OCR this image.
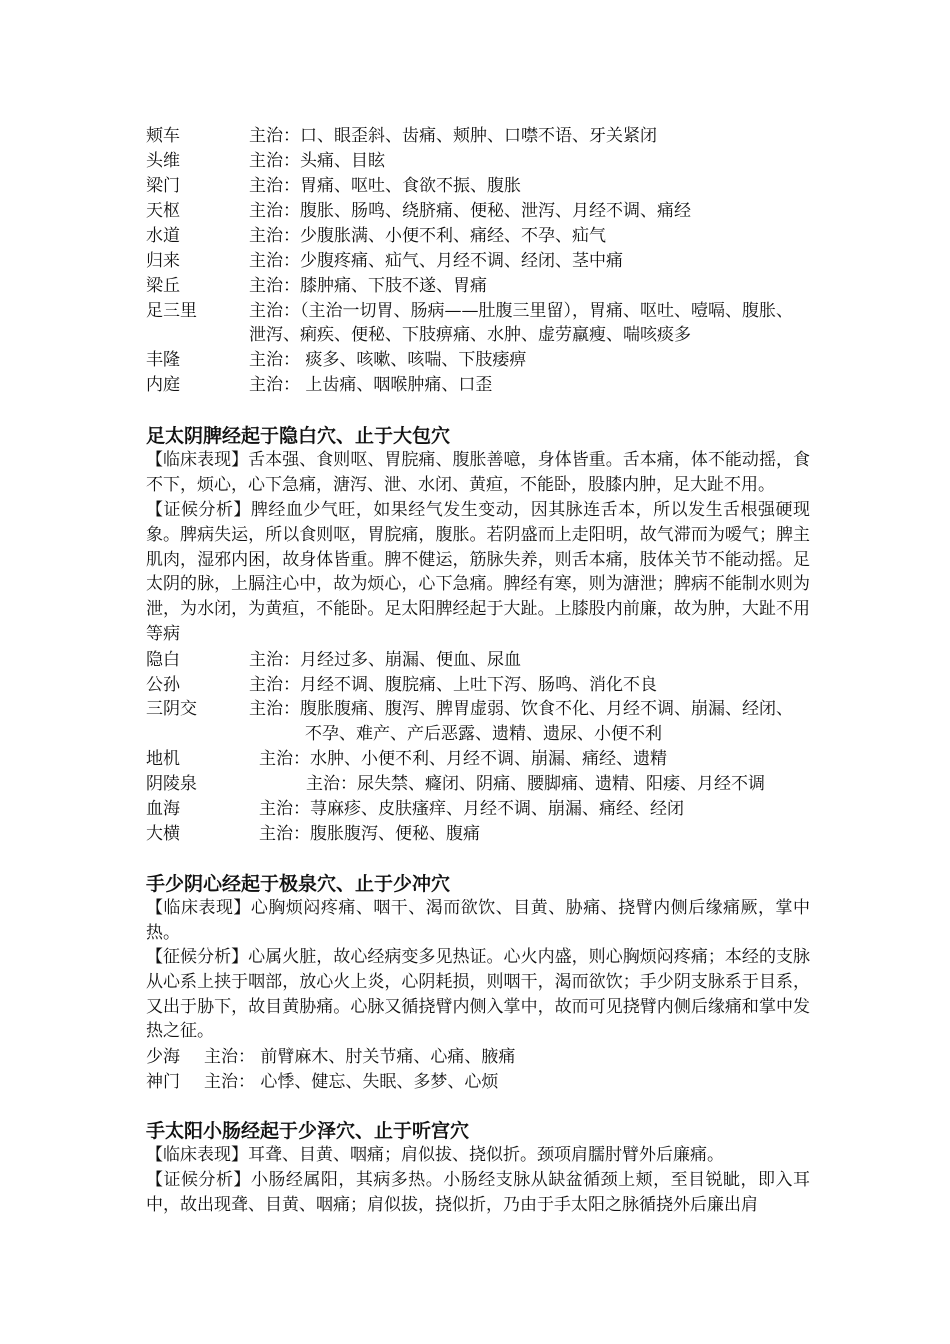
颊车	主治：口、眼歪斜、齿痛、颊肿、口噤不语、牙关紧闭
头维	主治：头痛、目眩
梁门	主治：胃痛、呕吐、食欲不振、腹胀
天枢	主治：腹胀、肠鸣、绕脐痛、便秘、泄泻、月经不调、痛经
水道	主治：少腹胀满、小便不利、痛经、不孕、疝气
归来	主治：少腹疼痛、疝气、月经不调、经闭、茎中痛
梁丘	主治：膝肿痛、下肢不遂、胃痛
足三里	主治：（主治一切胃、肠病——肚腹三里留），胃痛、呕吐、噎嗝、腹胀、
泄泻、痢疾、便秘、下肢痹痛、水肿、虚劳羸瘦、喘咳痰多
丰隆	主治： 痰多、咳嗽、咳喘、下肢痿痹
内庭	主治： 上齿痛、咽喉肿痛、口歪
足太阴脾经起于隐白穴、止于大包穴

【临床表现】舌本强、食则呕、胃脘痛、腹胀善噫，身体皆重。舌本痛，体不能动摇，食不下，烦心，心下急痛，溏泻、泄、水闭、黄疸，不能卧，股膝内肿，足大趾不用。

【证候分析】脾经血少气旺，如果经气发生变动，因其脉连舌本，所以发生舌根强硬现象。脾病失运，所以食则呕，胃脘痛，腹胀。若阴盛而上走阳明，故气滞而为嗳气；脾主肌肉，湿邪内困，故身体皆重。脾不健运，筋脉失养，则舌本痛，肢体关节不能动摇。足太阴的脉，上膈注心中，故为烦心，心下急痛。脾经有寒，则为溏泄；脾病不能制水则为泄，为水闭，为黄疸，不能卧。足太阳脾经起于大趾。上膝股内前廉，故为肿，大趾不用等病

隐白	主治：月经过多、崩漏、便血、尿血
公孙	主治：月经不调、腹脘痛、上吐下泻、肠鸣、消化不良
三阴交	主治：腹胀腹痛、腹泻、脾胃虚弱、饮食不化、月经不调、崩漏、经闭、
不孕、难产、产后恶露、遗精、遗尿、小便不利
地机	主治：水肿、小便不利、月经不调、崩漏、痛经、遗精
阴陵泉	主治：尿失禁、癃闭、阴痛、腰脚痛、遗精、阳痿、月经不调
血海	主治：荨麻疹、皮肤瘙痒、月经不调、崩漏、痛经、经闭
大横	主治：腹胀腹泻、便秘、腹痛
手少阴心经起于极泉穴、止于少冲穴

【临床表现】心胸烦闷疼痛、咽干、渴而欲饮、目黄、胁痛、挠臂内侧后缘痛厥，掌中热。

【征候分析】心属火脏，故心经病变多见热证。心火内盛，则心胸烦闷疼痛；本经的支脉从心系上挟于咽部，放心火上炎，心阴耗损，则咽干，渴而欲饮；手少阴支脉系于目系，又出于胁下，故目黄胁痛。心脉又循挠臂内侧入掌中，故而可见挠臂内侧后缘痛和掌中发热之征。

少海 主治： 前臂麻木、肘关节痛、心痛、腋痛
神门 主治： 心悸、健忘、失眠、多梦、心烦
手太阳小肠经起于少泽穴、止于听宫穴

【临床表现】耳聋、目黄、咽痛；肩似拔、挠似折。颈项肩臑肘臂外后廉痛。

【证候分析】小肠经属阳，其病多热。小肠经支脉从缺盆循颈上颊，至目锐眦，即入耳中，故出现聋、目黄、咽痛；肩似拔，挠似折，乃由于手太阳之脉循挠外后廉出肩
